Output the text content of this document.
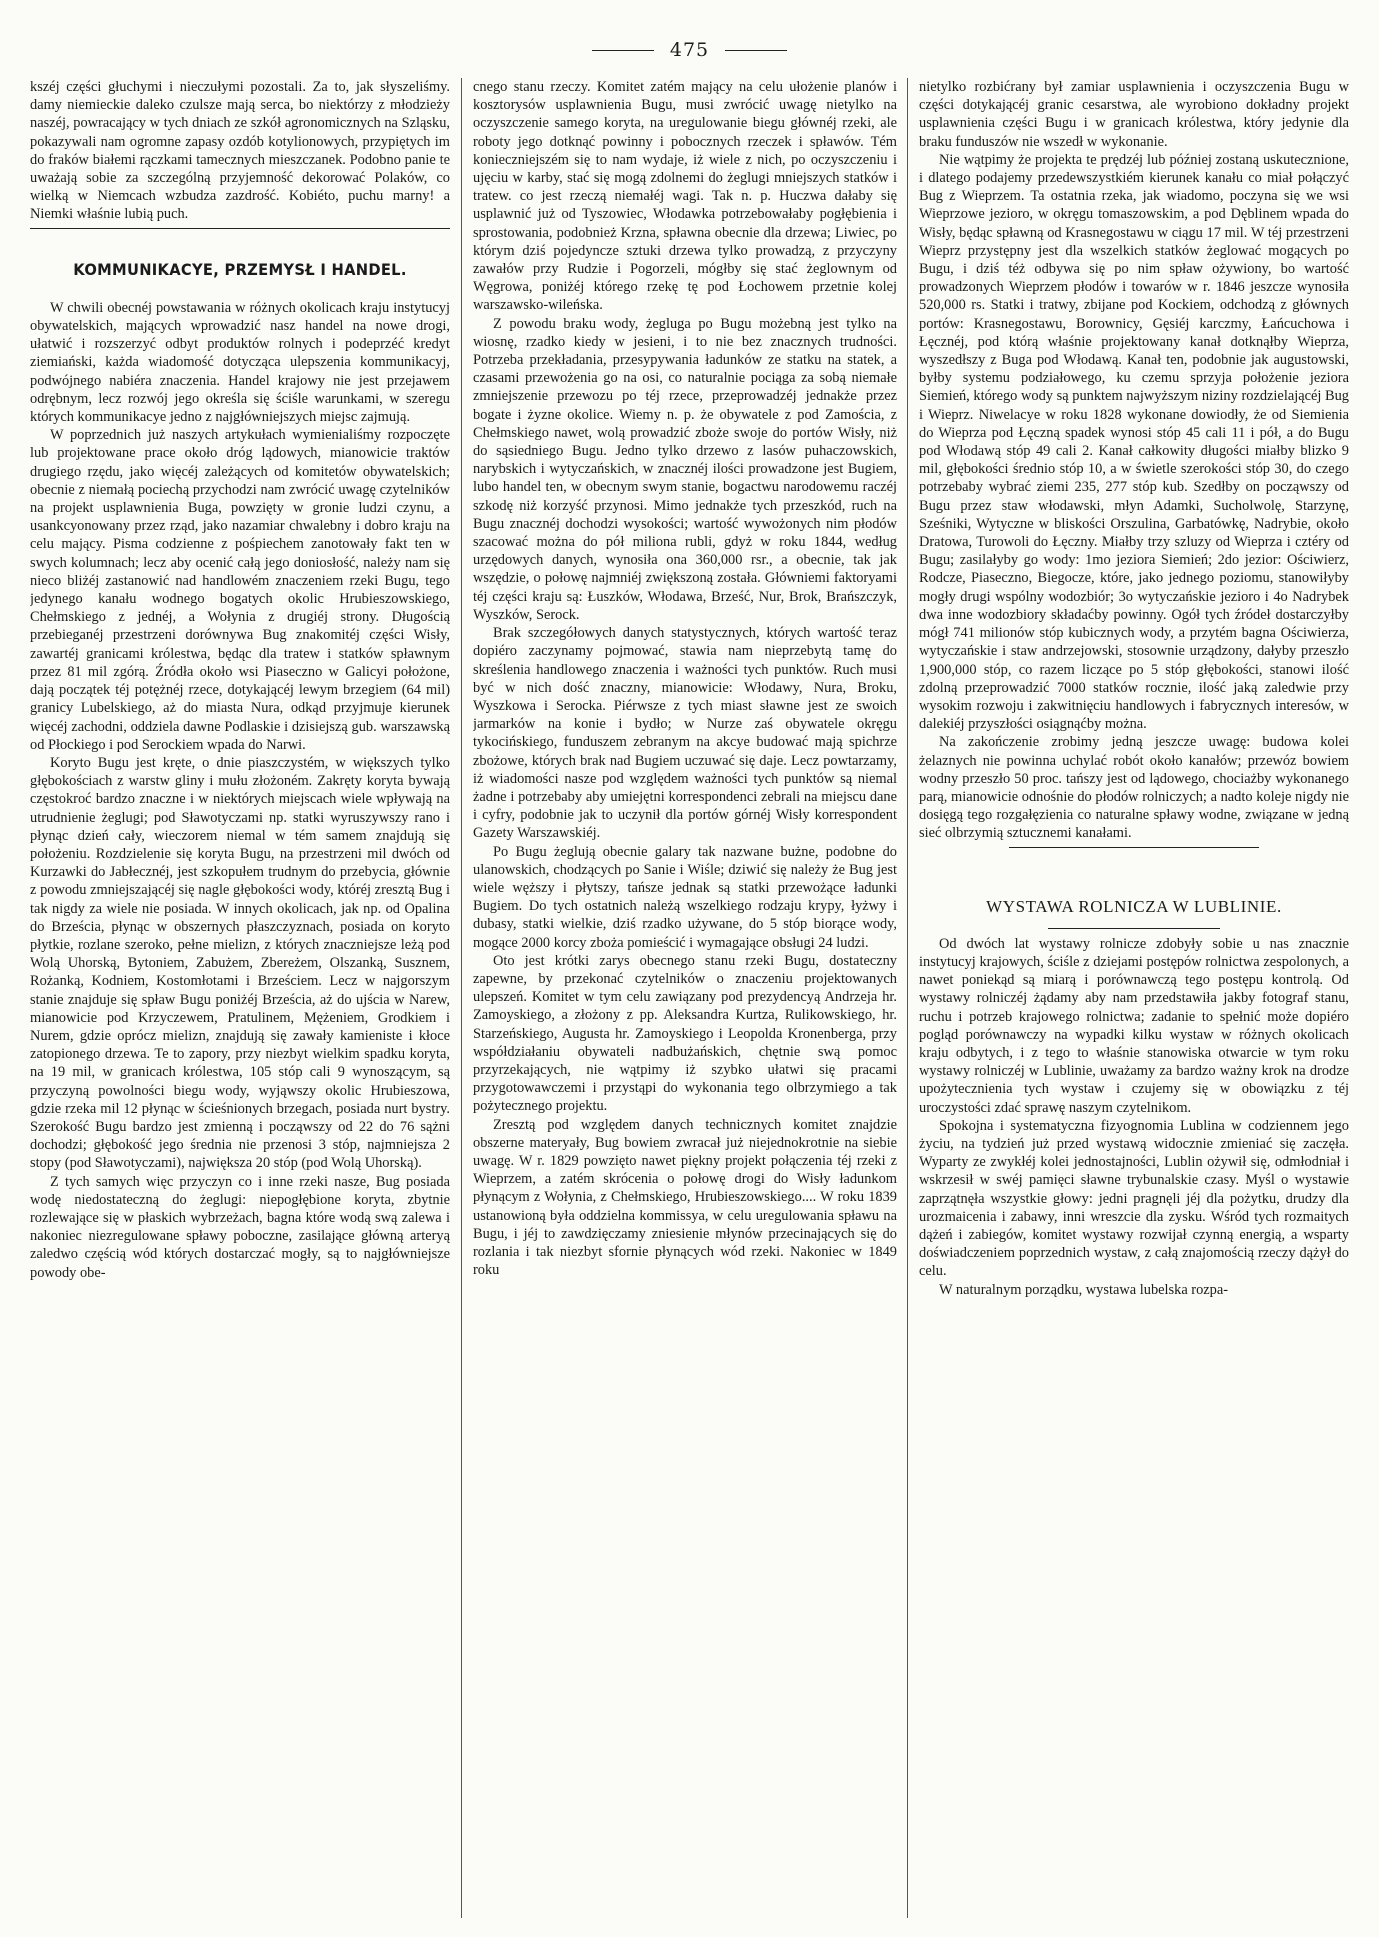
475

kszéj części głuchymi i nieczułymi pozostali. Za to, jak słyszeliśmy. damy niemieckie daleko czulsze mają serca, bo niektórzy z młodzieży naszéj, powracający w tych dniach ze szkół agronomicznych na Szląsku, pokazywali nam ogromne zapasy ozdób kotylionowych, przypiętych im do fraków białemi rączkami tamecznych mieszczanek. Podobno panie te uważają sobie za szczególną przyjemność dekorować Polaków, co wielką w Niemcach wzbudza zazdrość. Kobiéto, puchu marny! a Niemki właśnie lubią puch.

KOMMUNIKACYE, PRZEMYSŁ I HANDEL.

W chwili obecnéj powstawania w różnych okolicach kraju instytucyj obywatelskich, mających wprowadzić nasz handel na nowe drogi, ułatwić i rozszerzyć odbyt produktów rolnych i podeprzéć kredyt ziemiański, każda wiadomość dotycząca ulepszenia kommunikacyj, podwójnego nabiéra znaczenia. Handel krajowy nie jest przejawem odrębnym, lecz rozwój jego określa się ściśle warunkami, w szeregu których kommunikacye jedno z najgłówniejszych miejsc zajmują.

W poprzednich już naszych artykułach wymienialiśmy rozpoczęte lub projektowane prace około dróg lądowych, mianowicie traktów drugiego rzędu, jako więcéj zależących od komitetów obywatelskich; obecnie z niemałą pociechą przychodzi nam zwrócić uwagę czytelników na projekt usplawnienia Buga, powzięty w gronie ludzi czynu, a usankcyonowany przez rząd, jako nazamiar chwalebny i dobro kraju na celu mający. Pisma codzienne z pośpiechem zanotowały fakt ten w swych kolumnach; lecz aby ocenić całą jego doniosłość, należy nam się nieco bliżéj zastanowić nad handlowém znaczeniem rzeki Bugu, tego jedynego kanału wodnego bogatych okolic Hrubieszowskiego, Chełmskiego z jednéj, a Wołynia z drugiéj strony. Długością przebieganéj przestrzeni dorównywa Bug znakomitéj części Wisły, zawartéj granicami królestwa, będąc dla tratew i statków spławnym przez 81 mil zgórą. Źródła około wsi Piaseczno w Galicyi położone, dają początek téj potężnéj rzece, dotykającéj lewym brzegiem (64 mil) granicy Lubelskiego, aż do miasta Nura, odkąd przyjmuje kierunek więcéj zachodni, oddziela dawne Podlaskie i dzisiejszą gub. warszawską od Płockiego i pod Serockiem wpada do Narwi.

Koryto Bugu jest kręte, o dnie piaszczystém, w większych tylko głębokościach z warstw gliny i mułu złożoném. Zakręty koryta bywają częstokroć bardzo znaczne i w niektórych miejscach wiele wpływają na utrudnienie żeglugi; pod Sławotyczami np. statki wyruszywszy rano i płynąc dzień cały, wieczorem niemal w tém samem znajdują się położeniu. Rozdzielenie się koryta Bugu, na przestrzeni mil dwóch od Kurzawki do Jabłecznéj, jest szkopułem trudnym do przebycia, głównie z powodu zmniejszającéj się nagle głębokości wody, któréj zresztą Bug i tak nigdy za wiele nie posiada. W innych okolicach, jak np. od Opalina do Brześcia, płynąc w obszernych płaszczyznach, posiada on koryto płytkie, rozlane szeroko, pełne mielizn, z których znaczniejsze leżą pod Wolą Uhorską, Bytoniem, Zabużem, Zbereżem, Olszanką, Susznem, Rożanką, Kodniem, Kostomłotami i Brześciem. Lecz w najgorszym stanie znajduje się spław Bugu poniżéj Brześcia, aż do ujścia w Narew, mianowicie pod Krzyczewem, Pratulinem, Mężeniem, Grodkiem i Nurem, gdzie oprócz mielizn, znajdują się zawały kamieniste i kłoce zatopionego drzewa. Te to zapory, przy niezbyt wielkim spadku koryta, na 19 mil, w granicach królestwa, 105 stóp cali 9 wynoszącym, są przyczyną powolności biegu wody, wyjąwszy okolic Hrubieszowa, gdzie rzeka mil 12 płynąc w ścieśnionych brzegach, posiada nurt bystry. Szerokość Bugu bardzo jest zmienną i począwszy od 22 do 76 sążni dochodzi; głębokość jego średnia nie przenosi 3 stóp, najmniejsza 2 stopy (pod Sławotyczami), największa 20 stóp (pod Wolą Uhorską).

Z tych samych więc przyczyn co i inne rzeki nasze, Bug posiada wodę niedostateczną do żeglugi: niepogłębione koryta, zbytnie rozlewające się w płaskich wybrzeżach, bagna które wodą swą zalewa i nakoniec niezregulowane spławy poboczne, zasilające główną arteryą zaledwo częścią wód których dostarczać mogły, są to najgłówniejsze powody obe-

cnego stanu rzeczy. Komitet zatém mający na celu ułożenie planów i kosztorysów usplawnienia Bugu, musi zwrócić uwagę nietylko na oczyszczenie samego koryta, na uregulowanie biegu głównéj rzeki, ale roboty jego dotknąć powinny i pobocznych rzeczek i spławów. Tém konieczniejszém się to nam wydaje, iż wiele z nich, po oczyszczeniu i ujęciu w karby, stać się mogą zdolnemi do żeglugi mniejszych statków i tratew. co jest rzeczą niemałéj wagi. Tak n. p. Huczwa dałaby się usplawnić już od Tyszowiec, Włodawka potrzebowałaby pogłębienia i sprostowania, podobnież Krzna, spławna obecnie dla drzewa; Liwiec, po którym dziś pojedyncze sztuki drzewa tylko prowadzą, z przyczyny zawałów przy Rudzie i Pogorzeli, mógłby się stać żeglownym od Węgrowa, poniżéj którego rzekę tę pod Łochowem przetnie kolej warszawsko-wileńska.

Z powodu braku wody, żegluga po Bugu możebną jest tylko na wiosnę, rzadko kiedy w jesieni, i to nie bez znacznych trudności. Potrzeba przekładania, przesypywania ładunków ze statku na statek, a czasami przewożenia go na osi, co naturalnie pociąga za sobą niemałe zmniejszenie przewozu po téj rzece, przeprowadzéj jednakże przez bogate i żyzne okolice. Wiemy n. p. że obywatele z pod Zamościa, z Chełmskiego nawet, wolą prowadzić zboże swoje do portów Wisły, niż do sąsiedniego Bugu. Jedno tylko drzewo z lasów puhaczowskich, narybskich i wytyczańskich, w znacznéj ilości prowadzone jest Bugiem, lubo handel ten, w obecnym swym stanie, bogactwu narodowemu raczéj szkodę niż korzyść przynosi. Mimo jednakże tych przeszkód, ruch na Bugu znacznéj dochodzi wysokości; wartość wywożonych nim płodów szacować można do pół miliona rubli, gdyż w roku 1844, według urzędowych danych, wynosiła ona 360,000 rsr., a obecnie, tak jak wszędzie, o połowę najmniéj zwiększoną została. Główniemi faktoryami téj części kraju są: Łuszków, Włodawa, Brześć, Nur, Brok, Brańszczyk, Wyszków, Serock.

Brak szczegółowych danych statystycznych, których wartość teraz dopiéro zaczynamy pojmować, stawia nam nieprzebytą tamę do skreślenia handlowego znaczenia i ważności tych punktów. Ruch musi być w nich dość znaczny, mianowicie: Włodawy, Nura, Broku, Wyszkowa i Serocka. Piérwsze z tych miast sławne jest ze swoich jarmarków na konie i bydło; w Nurze zaś obywatele okręgu tykocińskiego, funduszem zebranym na akcye budować mają spichrze zbożowe, których brak nad Bugiem uczuwać się daje. Lecz powtarzamy, iż wiadomości nasze pod względem ważności tych punktów są niemal żadne i potrzebaby aby umiejętni korrespondenci zebrali na miejscu dane i cyfry, podobnie jak to uczynił dla portów górnéj Wisły korrespondent Gazety Warszawskiéj.

Po Bugu żeglują obecnie galary tak nazwane bużne, podobne do ulanowskich, chodzących po Sanie i Wiśle; dziwić się należy że Bug jest wiele węższy i płytszy, tańsze jednak są statki przewożące ładunki Bugiem. Do tych ostatnich należą wszelkiego rodzaju krypy, łyżwy i dubasy, statki wielkie, dziś rzadko używane, do 5 stóp biorące wody, mogące 2000 korcy zboża pomieścić i wymagające obsługi 24 ludzi.

Oto jest krótki zarys obecnego stanu rzeki Bugu, dostateczny zapewne, by przekonać czytelników o znaczeniu projektowanych ulepszeń. Komitet w tym celu zawiązany pod prezydencyą Andrzeja hr. Zamoyskiego, a złożony z pp. Aleksandra Kurtza, Rulikowskiego, hr. Starzeńskiego, Augusta hr. Zamoyskiego i Leopolda Kronenberga, przy współdziałaniu obywateli nadbużańskich, chętnie swą pomoc przyrzekających, nie wątpimy iż szybko ułatwi się pracami przygotowawczemi i przystąpi do wykonania tego olbrzymiego a tak pożytecznego projektu.

Zresztą pod względem danych technicznych komitet znajdzie obszerne materyały, Bug bowiem zwracał już niejednokrotnie na siebie uwagę. W r. 1829 powzięto nawet piękny projekt połączenia téj rzeki z Wieprzem, a zatém skrócenia o połowę drogi do Wisły ładunkom płynącym z Wołynia, z Chełmskiego, Hrubieszowskiego.... W roku 1839 ustanowioną była oddzielna kommissya, w celu uregulowania spławu na Bugu, i jéj to zawdzięczamy zniesienie młynów przecinających się do rozlania i tak niezbyt sfornie płynących wód rzeki. Nakoniec w 1849 roku

nietylko rozbićrany był zamiar usplawnienia i oczyszczenia Bugu w części dotykającéj granic cesarstwa, ale wyrobiono dokładny projekt usplawnienia części Bugu i w granicach królestwa, który jedynie dla braku funduszów nie wszedł w wykonanie.

Nie wątpimy że projekta te prędzéj lub później zostaną uskutecznione, i dlatego podajemy przedewszystkiém kierunek kanału co miał połączyć Bug z Wieprzem. Ta ostatnia rzeka, jak wiadomo, poczyna się we wsi Wieprzowe jezioro, w okręgu tomaszowskim, a pod Dęblinem wpada do Wisły, będąc spławną od Krasnegostawu w ciągu 17 mil. W téj przestrzeni Wieprz przystępny jest dla wszelkich statków żeglować mogących po Bugu, i dziś téż odbywa się po nim spław ożywiony, bo wartość prowadzonych Wieprzem płodów i towarów w r. 1846 jeszcze wynosiła 520,000 rs. Statki i tratwy, zbijane pod Kockiem, odchodzą z głównych portów: Krasnegostawu, Borownicy, Gęsiéj karczmy, Łańcuchowa i Łęcznéj, pod którą właśnie projektowany kanał dotknąłby Wieprza, wyszedłszy z Buga pod Włodawą. Kanał ten, podobnie jak augustowski, byłby systemu podziałowego, ku czemu sprzyja położenie jeziora Siemień, którego wody są punktem najwyższym niziny rozdzielającéj Bug i Wieprz. Niwelacye w roku 1828 wykonane dowiodły, że od Siemienia do Wieprza pod Łęczną spadek wynosi stóp 45 cali 11 i pół, a do Bugu pod Włodawą stóp 49 cali 2. Kanał całkowity długości miałby blizko 9 mil, głębokości średnio stóp 10, a w świetle szerokości stóp 30, do czego potrzebaby wybrać ziemi 235, 277 stóp kub. Szedłby on począwszy od Bugu przez staw włodawski, młyn Adamki, Sucholwolę, Starzynę, Sześniki, Wytyczne w bliskości Orszulina, Garbatówkę, Nadrybie, około Dratowa, Turowoli do Łęczny. Miałby trzy szluzy od Wieprza i cztéry od Bugu; zasilałyby go wody: 1mo jeziora Siemień; 2do jezior: Ościwierz, Rodcze, Piaseczno, Biegocze, które, jako jednego poziomu, stanowiłyby mogły drugi wspólny wodozbiór; 3o wytyczańskie jezioro i 4o Nadrybek dwa inne wodozbiory składaćby powinny. Ogół tych źródeł dostarczyłby mógł 741 milionów stóp kubicznych wody, a przytém bagna Ościwierza, wytyczańskie i staw andrzejowski, stosownie urządzony, dałyby przeszło 1,900,000 stóp, co razem liczące po 5 stóp głębokości, stanowi ilość zdolną przeprowadzić 7000 statków rocznie, ilość jaką zaledwie przy wysokim rozwoju i zakwitnięciu handlowych i fabrycznych interesów, w dalekiéj przyszłości osiągnąćby można.

Na zakończenie zrobimy jedną jeszcze uwagę: budowa kolei żelaznych nie powinna uchylać robót około kanałów; przewóz bowiem wodny przeszło 50 proc. tańszy jest od lądowego, chociażby wykonanego parą, mianowicie odnośnie do płodów rolniczych; a nadto koleje nigdy nie dosięgą tego rozgałęzienia co naturalne spławy wodne, związane w jedną sieć olbrzymią sztucznemi kanałami.

WYSTAWA ROLNICZA W LUBLINIE.

Od dwóch lat wystawy rolnicze zdobyły sobie u nas znacznie instytucyj krajowych, ściśle z dziejami postępów rolnictwa zespolonych, a nawet poniekąd są miarą i porównawczą tego postępu kontrolą. Od wystawy rolniczéj żądamy aby nam przedstawiła jakby fotograf stanu, ruchu i potrzeb krajowego rolnictwa; zadanie to spełnić może dopiéro pogląd porównawczy na wypadki kilku wystaw w różnych okolicach kraju odbytych, i z tego to właśnie stanowiska otwarcie w tym roku wystawy rolniczéj w Lublinie, uważamy za bardzo ważny krok na drodze upożytecznienia tych wystaw i czujemy się w obowiązku z téj uroczystości zdać sprawę naszym czytelnikom.

Spokojna i systematyczna fizyognomia Lublina w codziennem jego życiu, na tydzień już przed wystawą widocznie zmieniać się zaczęła. Wyparty ze zwykłéj kolei jednostajności, Lublin ożywił się, odmłodniał i wskrzesił w swéj pamięci sławne trybunalskie czasy. Myśl o wystawie zaprzątnęła wszystkie głowy: jedni pragnęli jéj dla pożytku, drudzy dla urozmaicenia i zabawy, inni wreszcie dla zysku. Wśród tych rozmaitych dążeń i zabiegów, komitet wystawy rozwijał czynną energią, a wsparty doświadczeniem poprzednich wystaw, z całą znajomością rzeczy dążył do celu.

W naturalnym porządku, wystawa lubelska rozpa-
